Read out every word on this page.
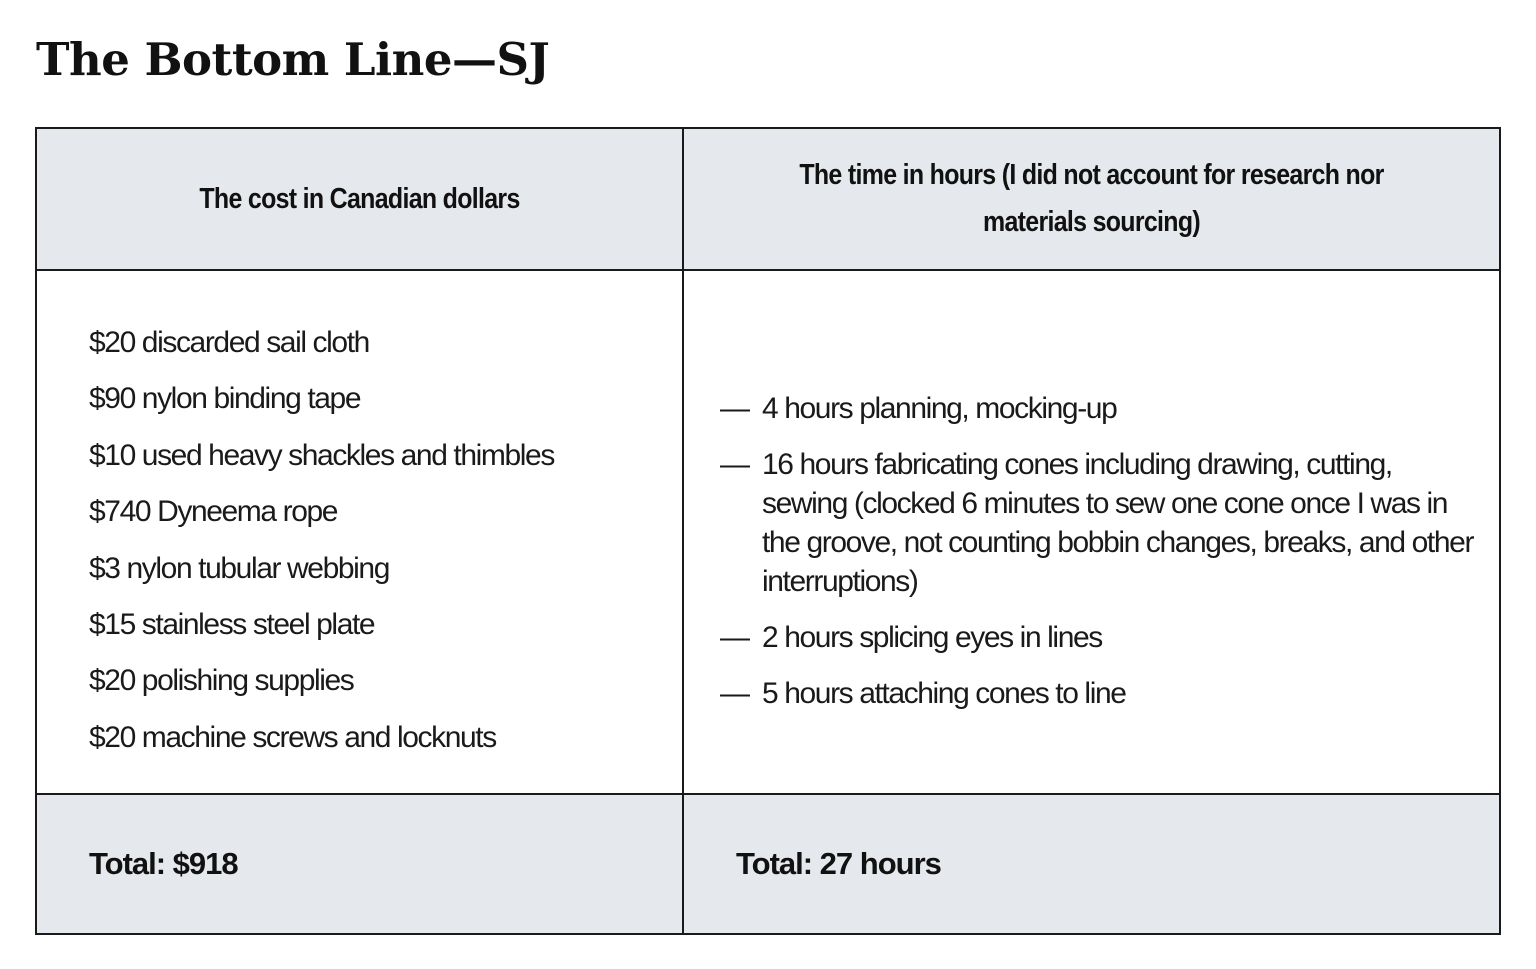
The Bottom Line—SJ
The cost in Canadian dollars
The time in hours (I did not account for research nor materials sourcing)
$20 discarded sail cloth
$90 nylon binding tape
$10 used heavy shackles and thimbles
$740 Dyneema rope
$3 nylon tubular webbing
$15 stainless steel plate
$20 polishing supplies
$20 machine screws and locknuts
— 4 hours planning, mocking-up
— 16 hours fabricating cones including drawing, cutting, sewing (clocked 6 minutes to sew one cone once I was in the groove, not counting bobbin changes, breaks, and other interruptions)
— 2 hours splicing eyes in lines
— 5 hours attaching cones to line
Total: $918	Total: 27 hours
